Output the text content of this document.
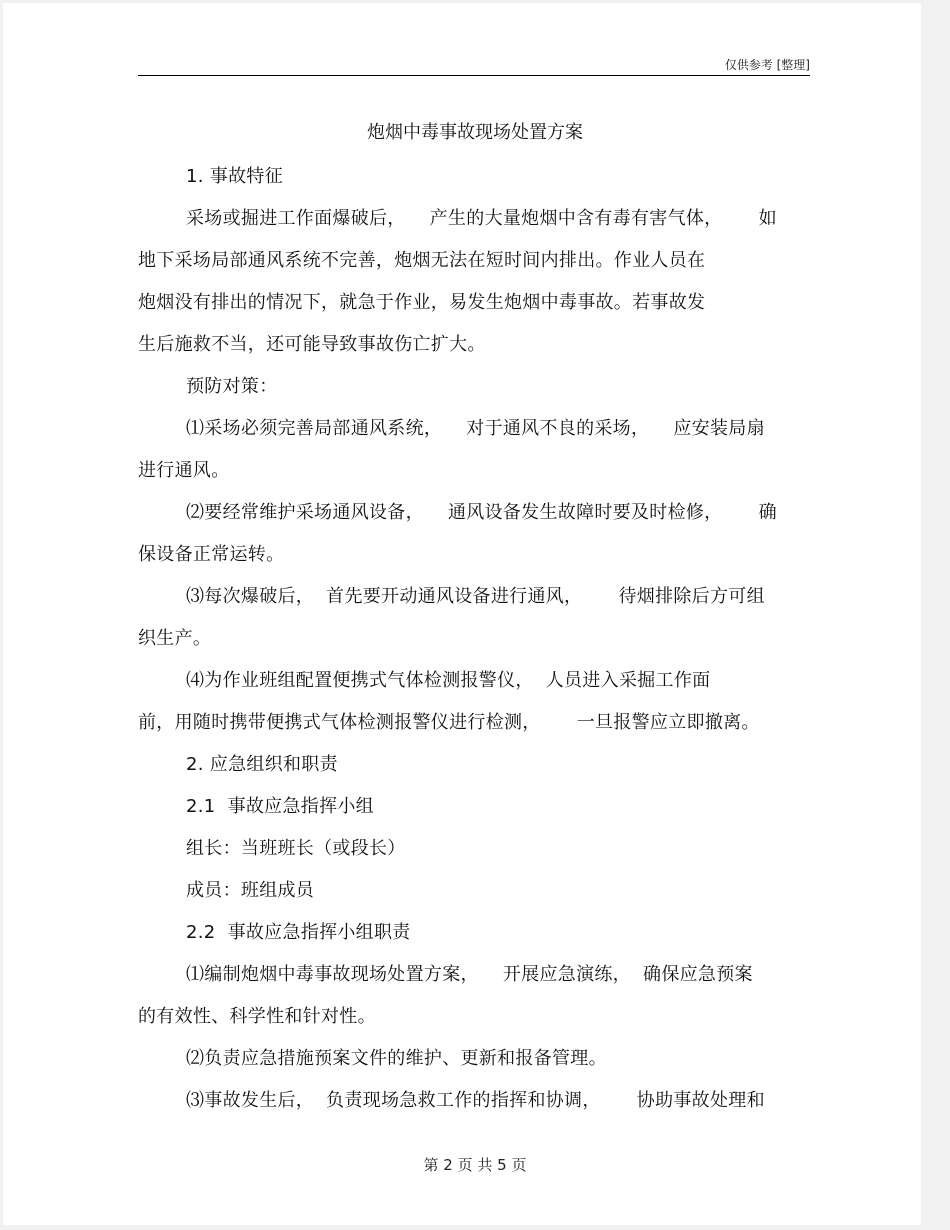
仅供参考 [整理]
炮烟中毒事故现场处置方案

1. 事故特征

采场或掘进工作面爆破后，    产生的大量炮烟中含有毒有害气体，      如

地下采场局部通风系统不完善，炮烟无法在短时间内排出。作业人员在

炮烟没有排出的情况下，就急于作业，易发生炮烟中毒事故。若事故发

生后施救不当，还可能导致事故伤亡扩大。

预防对策：

⑴采场必须完善局部通风系统，    对于通风不良的采场，    应安装局扇

进行通风。

⑵要经常维护采场通风设备，    通风设备发生故障时要及时检修，      确

保设备正常运转。

⑶每次爆破后，  首先要开动通风设备进行通风，      待烟排除后方可组

织生产。

⑷为作业班组配置便携式气体检测报警仪，  人员进入采掘工作面

前，用随时携带便携式气体检测报警仪进行检测，      一旦报警应立即撤离。

2. 应急组织和职责

2.1  事故应急指挥小组

组长：当班班长（或段长）

成员：班组成员

2.2  事故应急指挥小组职责

⑴编制炮烟中毒事故现场处置方案，    开展应急演练，  确保应急预案

的有效性、科学性和针对性。

⑵负责应急措施预案文件的维护、更新和报备管理。

⑶事故发生后，  负责现场急救工作的指挥和协调，      协助事故处理和

第 2 页 共 5 页
